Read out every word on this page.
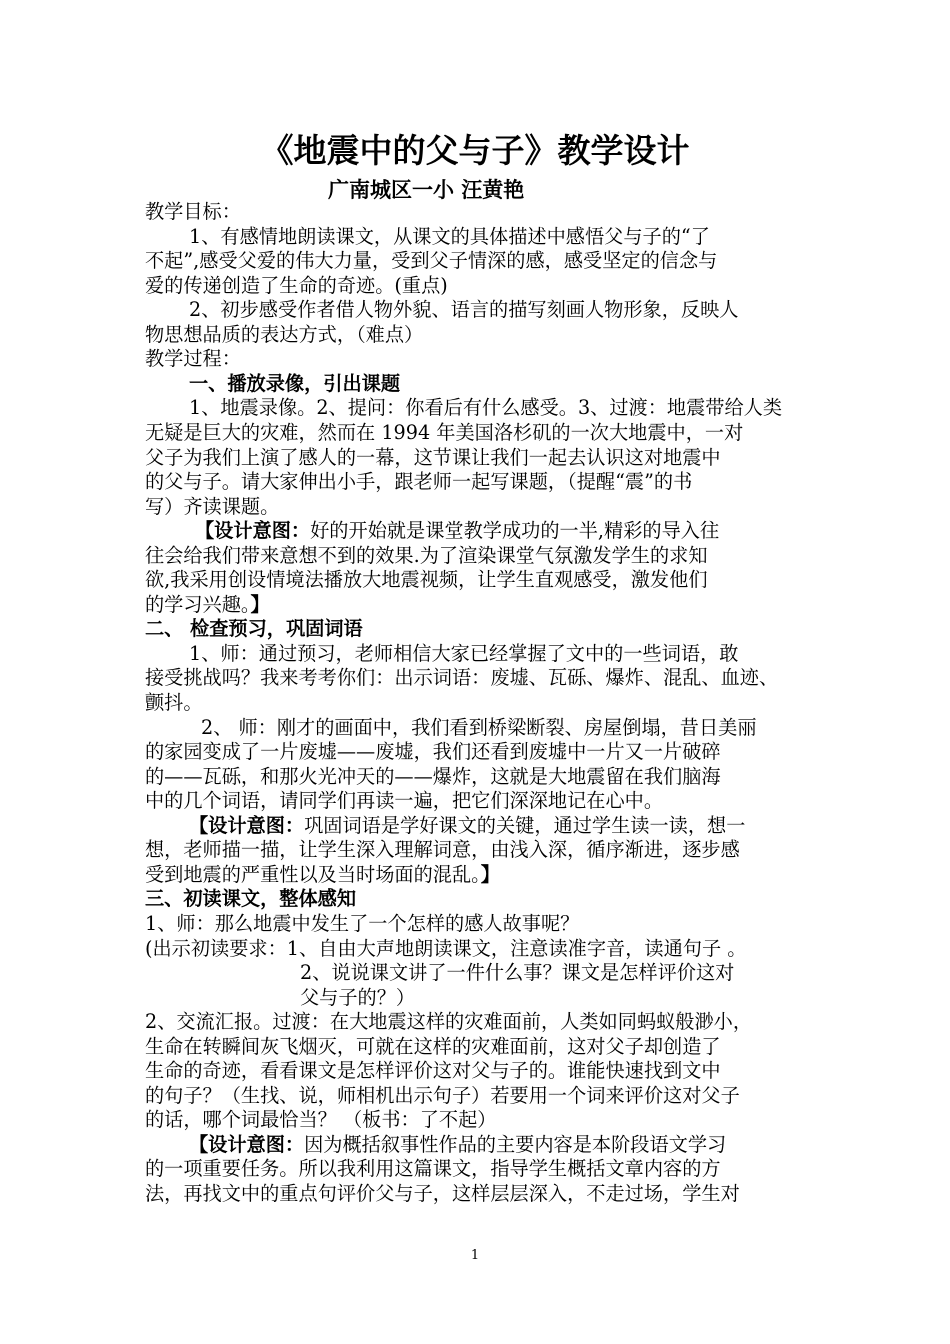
《地震中的父与子》教学设计
广南城区一小 汪黄艳
教学目标：
1、有感情地朗读课文，从课文的具体描述中感悟父与子的“了
不起”,感受父爱的伟大力量，受到父子情深的感，感受坚定的信念与
爱的传递创造了生命的奇迹。(重点)
2、初步感受作者借人物外貌、语言的描写刻画人物形象，反映人
物思想品质的表达方式，（难点）
教学过程：
一、播放录像，引出课题
1、地震录像。2、提问：你看后有什么感受。3、过渡：地震带给人类
无疑是巨大的灾难，然而在 1994 年美国洛杉矶的一次大地震中，一对
父子为我们上演了感人的一幕，这节课让我们一起去认识这对地震中
的父与子。请大家伸出小手，跟老师一起写课题，（提醒“震”的书
写）齐读课题。
【设计意图：好的开始就是课堂教学成功的一半,精彩的导入往
往会给我们带来意想不到的效果.为了渲染课堂气氛激发学生的求知
欲,我采用创设情境法播放大地震视频，让学生直观感受，激发他们
的学习兴趣。】
二、 检查预习，巩固词语
1、师：通过预习，老师相信大家已经掌握了文中的一些词语，敢
接受挑战吗？我来考考你们：出示词语：废墟、瓦砾、爆炸、混乱、血迹、
颤抖。
2、 师：刚才的画面中，我们看到桥梁断裂、房屋倒塌，昔日美丽
的家园变成了一片废墟——废墟，我们还看到废墟中一片又一片破碎
的——瓦砾，和那火光冲天的——爆炸，这就是大地震留在我们脑海
中的几个词语，请同学们再读一遍，把它们深深地记在心中。
【设计意图：巩固词语是学好课文的关键，通过学生读一读，想一
想，老师描一描，让学生深入理解词意，由浅入深，循序渐进，逐步感
受到地震的严重性以及当时场面的混乱。】
三、初读课文，整体感知
1、师：那么地震中发生了一个怎样的感人故事呢？
(出示初读要求：1、自由大声地朗读课文，注意读准字音，读通句子 。
2、说说课文讲了一件什么事？课文是怎样评价这对
父与子的？）
2、交流汇报。过渡：在大地震这样的灾难面前，人类如同蚂蚁般渺小，
生命在转瞬间灰飞烟灭，可就在这样的灾难面前，这对父子却创造了
生命的奇迹，看看课文是怎样评价这对父与子的。谁能快速找到文中
的句子？（生找、说，师相机出示句子）若要用一个词来评价这对父子
的话，哪个词最恰当？ （板书：了不起）
【设计意图：因为概括叙事性作品的主要内容是本阶段语文学习
的一项重要任务。所以我利用这篇课文，指导学生概括文章内容的方
法，再找文中的重点句评价父与子，这样层层深入，不走过场，学生对
1
